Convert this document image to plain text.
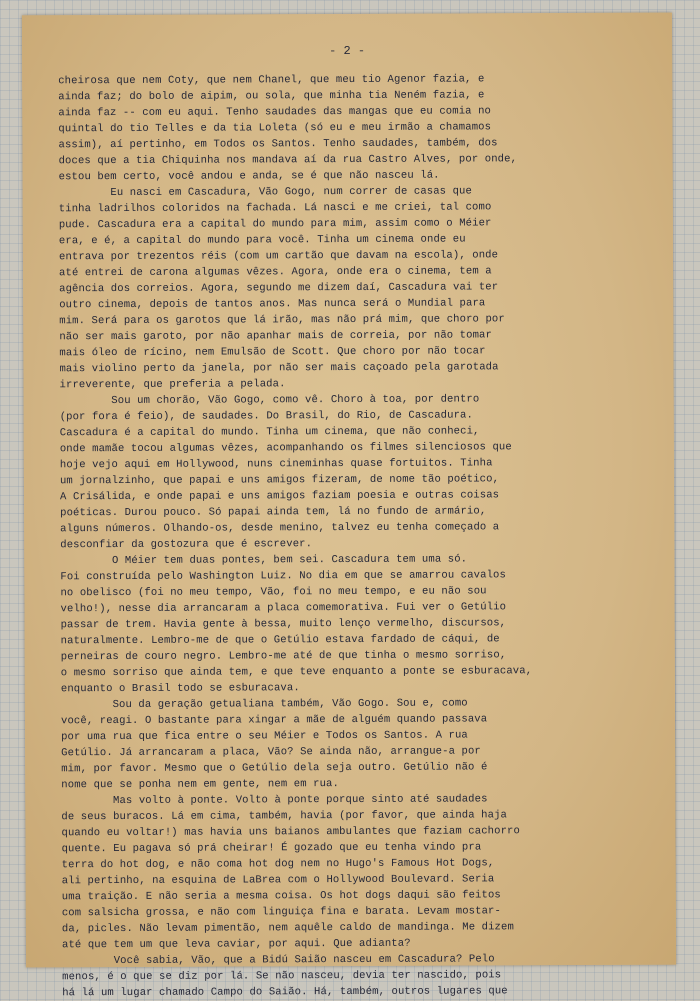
- 2 -
cheirosa que nem Coty, que nem Chanel, que meu tio Agenor fazia, e
ainda faz; do bolo de aipim, ou sola, que minha tia Neném fazia, e
ainda faz -- com eu aqui. Tenho saudades das mangas que eu comia no
quintal do tio Telles e da tia Loleta (só eu e meu irmão a chamamos
assim), aí pertinho, em Todos os Santos. Tenho saudades, também, dos
doces que a tia Chiquinha nos mandava aí da rua Castro Alves, por onde,
estou bem certo, você andou e anda, se é que não nasceu lá.
Eu nasci em Cascadura, Vão Gogo, num correr de casas que
tinha ladrilhos coloridos na fachada. Lá nasci e me criei, tal como
pude. Cascadura era a capital do mundo para mim, assim como o Méier
era, e é, a capital do mundo para você. Tinha um cinema onde eu
entrava por trezentos réis (com um cartão que davam na escola), onde
até entrei de carona algumas vêzes. Agora, onde era o cinema, tem a
agência dos correios. Agora, segundo me dizem daí, Cascadura vai ter
outro cinema, depois de tantos anos. Mas nunca será o Mundial para
mim. Será para os garotos que lá irão, mas não prá mim, que choro por
não ser mais garoto, por não apanhar mais de correia, por não tomar
mais óleo de rícino, nem Emulsão de Scott. Que choro por não tocar
mais violino perto da janela, por não ser mais caçoado pela garotada
irreverente, que preferia a pelada.
Sou um chorão, Vão Gogo, como vê. Choro à toa, por dentro
(por fora é feio), de saudades. Do Brasil, do Rio, de Cascadura.
Cascadura é a capital do mundo. Tinha um cinema, que não conheci,
onde mamãe tocou algumas vêzes, acompanhando os filmes silenciosos que
hoje vejo aqui em Hollywood, nuns cineminhas quase fortuitos. Tinha
um jornalzinho, que papai e uns amigos fizeram, de nome tão poético,
A Crisálida, e onde papai e uns amigos faziam poesia e outras coisas
poéticas. Durou pouco. Só papai ainda tem, lá no fundo de armário,
alguns números. Olhando-os, desde menino, talvez eu tenha começado a
desconfiar da gostozura que é escrever.
O Méier tem duas pontes, bem sei. Cascadura tem uma só.
Foi construída pelo Washington Luiz. No dia em que se amarrou cavalos
no obelisco (foi no meu tempo, Vão, foi no meu tempo, e eu não sou
velho!), nesse dia arrancaram a placa comemorativa. Fui ver o Getúlio
passar de trem. Havia gente à bessa, muito lenço vermelho, discursos,
naturalmente. Lembro-me de que o Getúlio estava fardado de cáqui, de
perneiras de couro negro. Lembro-me até de que tinha o mesmo sorriso,
o mesmo sorriso que ainda tem, e que teve enquanto a ponte se esburacava,
enquanto o Brasil todo se esburacava.
Sou da geração getualiana também, Vão Gogo. Sou e, como
você, reagi. O bastante para xingar a mãe de alguém quando passava
por uma rua que fica entre o seu Méier e Todos os Santos. A rua
Getúlio. Já arrancaram a placa, Vão? Se ainda não, arrangue-a por
mim, por favor. Mesmo que o Getúlio dela seja outro. Getúlio não é
nome que se ponha nem em gente, nem em rua.
Mas volto à ponte. Volto à ponte porque sinto até saudades
de seus buracos. Lá em cima, também, havia (por favor, que ainda haja
quando eu voltar!) mas havia uns baianos ambulantes que faziam cachorro
quente. Eu pagava só prá cheirar! É gozado que eu tenha vindo pra
terra do hot dog, e não coma hot dog nem no Hugo's Famous Hot Dogs,
ali pertinho, na esquina de LaBrea com o Hollywood Boulevard. Seria
uma traição. E não seria a mesma coisa. Os hot dogs daqui são feitos
com salsicha grossa, e não com linguiça fina e barata. Levam mostar-
da, picles. Não levam pimentão, nem aquêle caldo de mandinga. Me dizem
até que tem um que leva caviar, por aqui. Que adianta?
Você sabia, Vão, que a Bidú Saião nasceu em Cascadura? Pelo
menos, é o que se diz por lá. Se não nasceu, devia ter nascido, pois
há lá um lugar chamado Campo do Saião. Há, também, outros lugares que
